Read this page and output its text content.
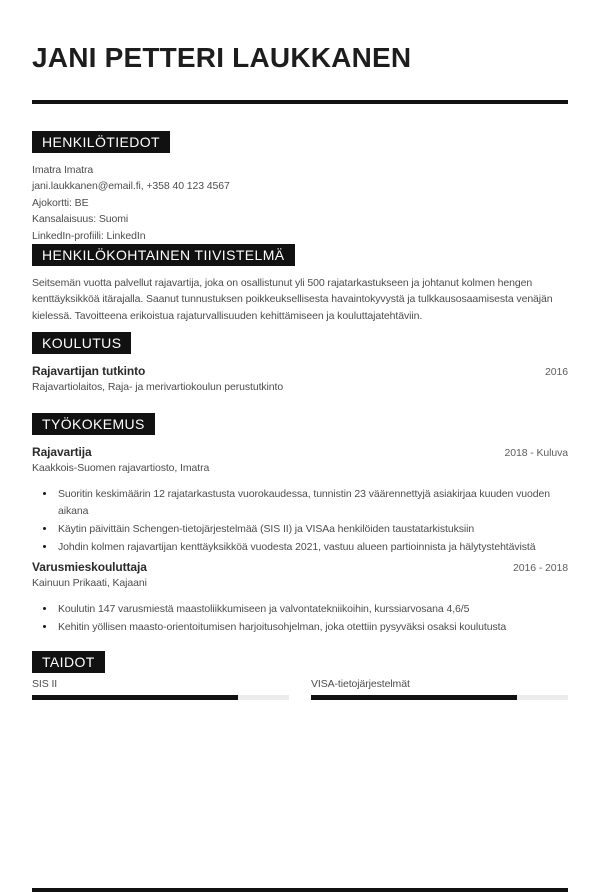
JANI PETTERI LAUKKANEN
HENKILÖTIEDOT
Imatra Imatra
jani.laukkanen@email.fi, +358 40 123 4567
Ajokortti: BE
Kansalaisuus: Suomi
LinkedIn-profiili: LinkedIn
HENKILÖKOHTAINEN TIIVISTELMÄ

Seitsemän vuotta palvellut rajavartija, joka on osallistunut yli 500 rajatarkastukseen ja johtanut kolmen hengen kenttäyksikköä itärajalla. Saanut tunnustuksen poikkeuksellisesta havaintokyvystä ja tulkkausosaamisesta venäjän kielessä. Tavoitteena erikoistua rajaturvallisuuden kehittämiseen ja kouluttajatehtäviin.

KOULUTUS
Rajavartijan tutkinto	2016
Rajavartiolaitos, Raja- ja merivartiokoulun perustutkinto
TYÖKOKEMUS
Rajavartija	2018 - Kuluva
Kaakkois-Suomen rajavartiosto, Imatra
• Suoritin keskimäärin 12 rajatarkastusta vuorokaudessa, tunnistin 23 väärennettyjä asiakirjaa kuuden vuoden aikana
• Käytin päivittäin Schengen-tietojärjestelmää (SIS II) ja VISAa henkilöiden taustatarkistuksiin
• Johdin kolmen rajavartijan kenttäyksikköä vuodesta 2021, vastuu alueen partioinnista ja hälytystehtävistä
Varusmieskouluttaja	2016 - 2018
Kainuun Prikaati, Kajaani
• Koulutin 147 varusmiestä maastoliikkumiseen ja valvontatekniikoihin, kurssiarvosana 4,6/5
• Kehitin yöllisen maasto-orientoitumisen harjoitusohjelman, joka otettiin pysyväksi osaksi koulutusta
TAIDOT
SIS II	VISA-tietojärjestelmät
